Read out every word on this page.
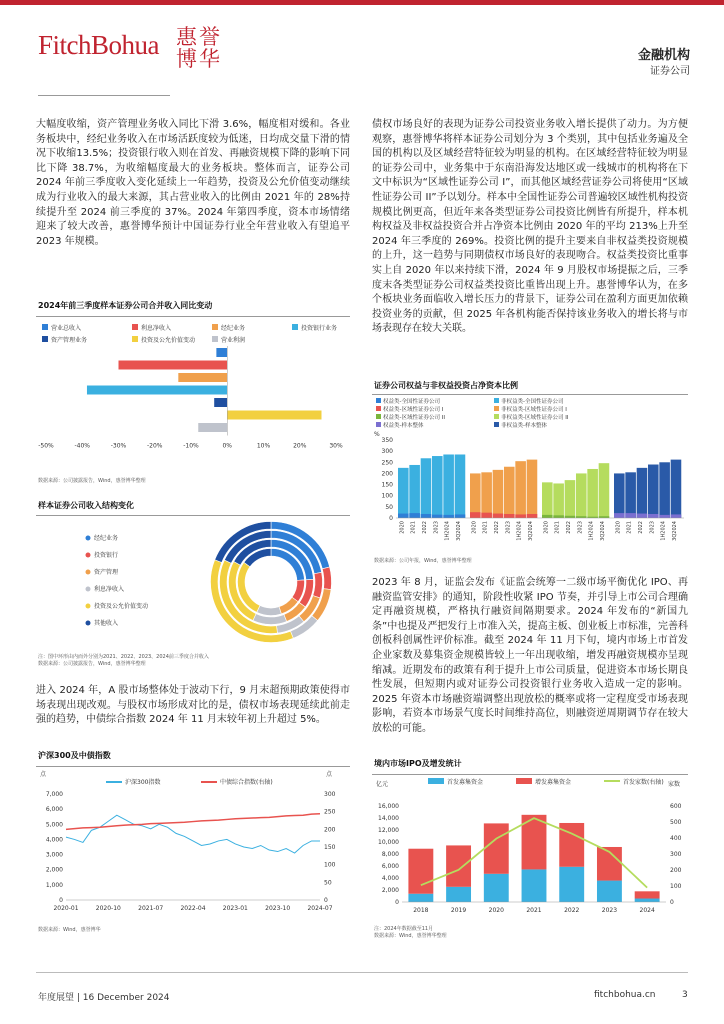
FitchBohua 惠誉博华	金融机构
证券公司
大幅度收缩，资产管理业务收入同比下滑 3.6%，幅度相对缓和。各业务板块中，经纪业务收入在市场活跃度较为低迷，日均成交量下滑的情况下收缩13.5%；投资银行收入则在首发、再融资规模下降的影响下同比下降 38.7%，为收缩幅度最大的业务板块。整体而言，证券公司 2024 年前三季度收入变化延续上一年趋势，投资及公允价值变动继续成为行业收入的最大来源，其占营业收入的比例由 2021 年的 28%持续提升至 2024 前三季度的 37%。2024 年第四季度，资本市场情绪迎来了较大改善，惠誉博华预计中国证券行业全年营业收入有望追平 2023 年规模。
债权市场良好的表现为证券公司投资业务收入增长提供了动力。为方便观察，惠誉博华将样本证券公司划分为 3 个类别，其中包括业务遍及全国的机构以及区域经营特征较为明显的机构。在区域经营特征较为明显的证券公司中，业务集中于东南沿海发达地区或一线城市的机构将在下文中标识为“区域性证券公司 I”，而其他区域经营证券公司将使用“区域性证券公司 II”予以划分。样本中全国性证券公司普遍较区域性机构投资规模比例更高，但近年来各类型证券公司投资比例皆有所提升，样本机构权益及非权益投资合并占净资本比例由 2020 年的平均 213%上升至 2024 年三季度的 269%。投资比例的提升主要来自非权益类投资规模的上升，这一趋势与同期债权市场良好的表现吻合。权益类投资比重事实上自 2020 年以来持续下滑，2024 年 9 月股权市场提振之后，三季度末各类型证券公司权益类投资比重皆出现上升。惠誉博华认为，在多个板块业务面临收入增长压力的背景下，证券公司在盈利方面更加依赖投资业务的贡献，但 2025 年各机构能否保持该业务收入的增长将与市场表现存在较大关联。
2024年前三季度样本证券公司合并收入同比变动
营业总收入	利息净收入	经纪业务	投资银行业务
资产管理业务	投资及公允价值变动	营业利润
-50%	-40%	-30%	-20%	-10%	0%	10%	20%	30%
数据来源：公司披露报告，Wind，惠誉博华整理
样本证券公司收入结构变化
经纪业务
投资银行
资产管理
利息净收入
投资及公允价值变动
其他收入
注：图中环形由内而外分别为2021、2022、2023、2024前三季度合并收入
数据来源：公司披露报告，Wind，惠誉博华整理
进入 2024 年，A 股市场整体处于波动下行，9 月末超预期政策使得市场表现出现改观。与股权市场形成对比的是，债权市场表现延续此前走强的趋势，中债综合指数 2024 年 11 月末较年初上升超过 5%。
沪深300及中债指数
点	点
沪深300指数	中债综合指数(右轴)
0
1,000
2,000
3,000
4,000
5,000
6,000
7,000
0
50
100
150
200
250
300
2020-01	2020-10	2021-07	2022-04	2023-01	2023-10	2024-07
数据来源：Wind，惠誉博华
证券公司权益与非权益投资占净资本比例
权益类-全国性证券公司	非权益类-全国性证券公司
权益类-区域性证券公司 I	非权益类-区域性证券公司 I
权益类-区域性证券公司 II	非权益类-区域性证券公司 II
权益类-样本整体	非权益类-样本整体
%
0
50
100
150
200
250
300
350
2020 2021 2022 2023 1H2024 3Q2024 2020 2021 2022 2023 1H2024 3Q2024 2020 2021 2022 2023 1H2024 3Q2024 2020 2021 2022 2023 1H2024 3Q2024
数据来源：公司年报，Wind，惠誉博华整理
2023 年 8 月，证监会发布《证监会统筹一二级市场平衡优化 IPO、再融资监管安排》的通知，阶段性收紧 IPO 节奏，并引导上市公司合理确定再融资规模，严格执行融资间隔期要求。2024 年发布的“新国九条”中也提及严把发行上市准入关，提高主板、创业板上市标准，完善科创板科创属性评价标准。截至 2024 年 11 月下旬，境内市场上市首发企业家数及募集资金规模皆较上一年出现收缩，增发再融资规模亦呈现缩减。近期发布的政策有利于提升上市公司质量，促进资本市场长期良性发展，但短期内或对证券公司投资银行业务收入造成一定的影响。2025 年资本市场融资端调整出现放松的概率或将一定程度受市场表现影响，若资本市场景气度长时间维持高位，则融资逆周期调节存在较大放松的可能。
境内市场IPO及增发统计
亿元	家数
首发募集资金	增发募集资金	首发家数(右轴)
0
2,000
4,000
6,000
8,000
10,000
12,000
14,000
16,000
0
100
200
300
400
500
600
2018	2019	2020	2021	2022	2023	2024
注：2024年数据截至11月
数据来源：Wind，惠誉博华整理
年度展望 | 16 December 2024	fitchbohua.cn	3
